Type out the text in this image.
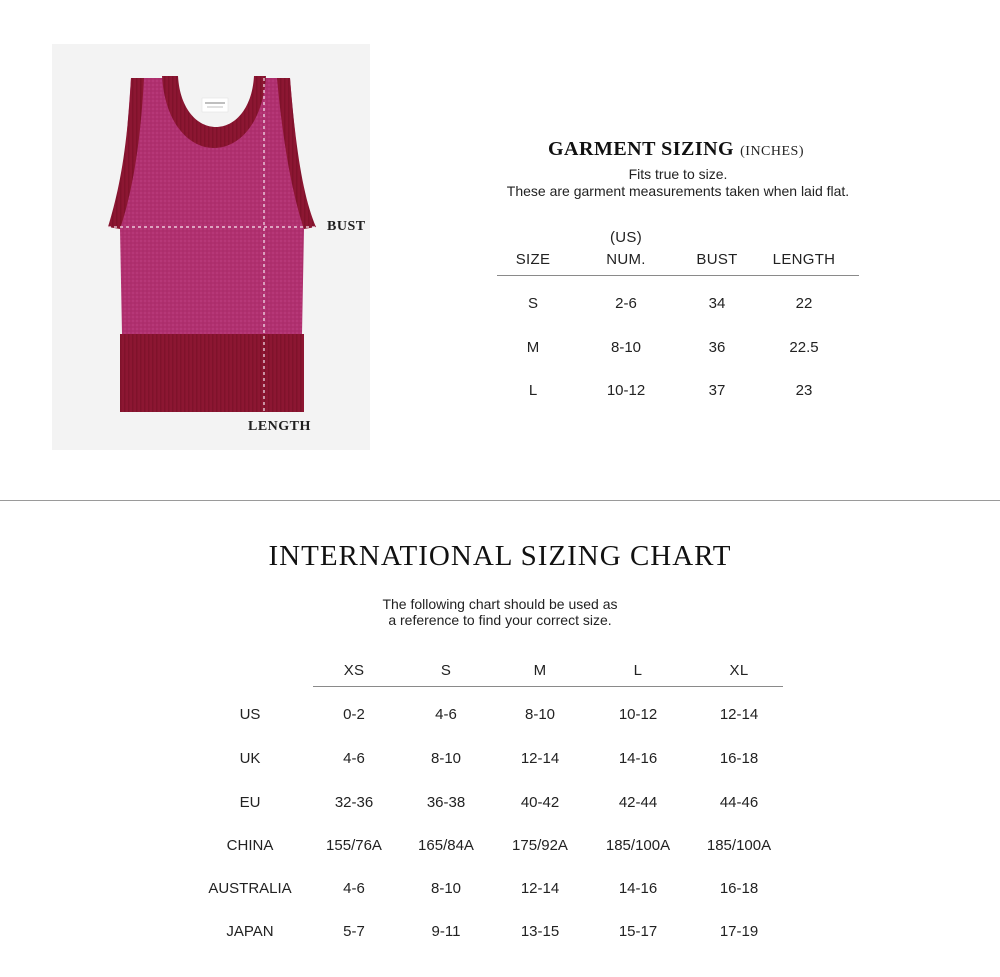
BUST
LENGTH
GARMENT SIZING (INCHES)
Fits true to size.
These are garment measurements taken when laid flat.
SIZE
(US)
NUM.	BUST	LENGTH
S	2-6	34	22
M	8-10	36	22.5
L	10-12	37	23
INTERNATIONAL SIZING CHART
The following chart should be used as
a reference to find your correct size.
XS	S	M	L	XL
US	0-2	4-6	8-10	10-12	12-14
UK	4-6	8-10	12-14	14-16	16-18
EU	32-36	36-38	40-42	42-44	44-46
CHINA	155/76A	165/84A	175/92A	185/100A	185/100A
AUSTRALIA	4-6	8-10	12-14	14-16	16-18
JAPAN	5-7	9-11	13-15	15-17	17-19
